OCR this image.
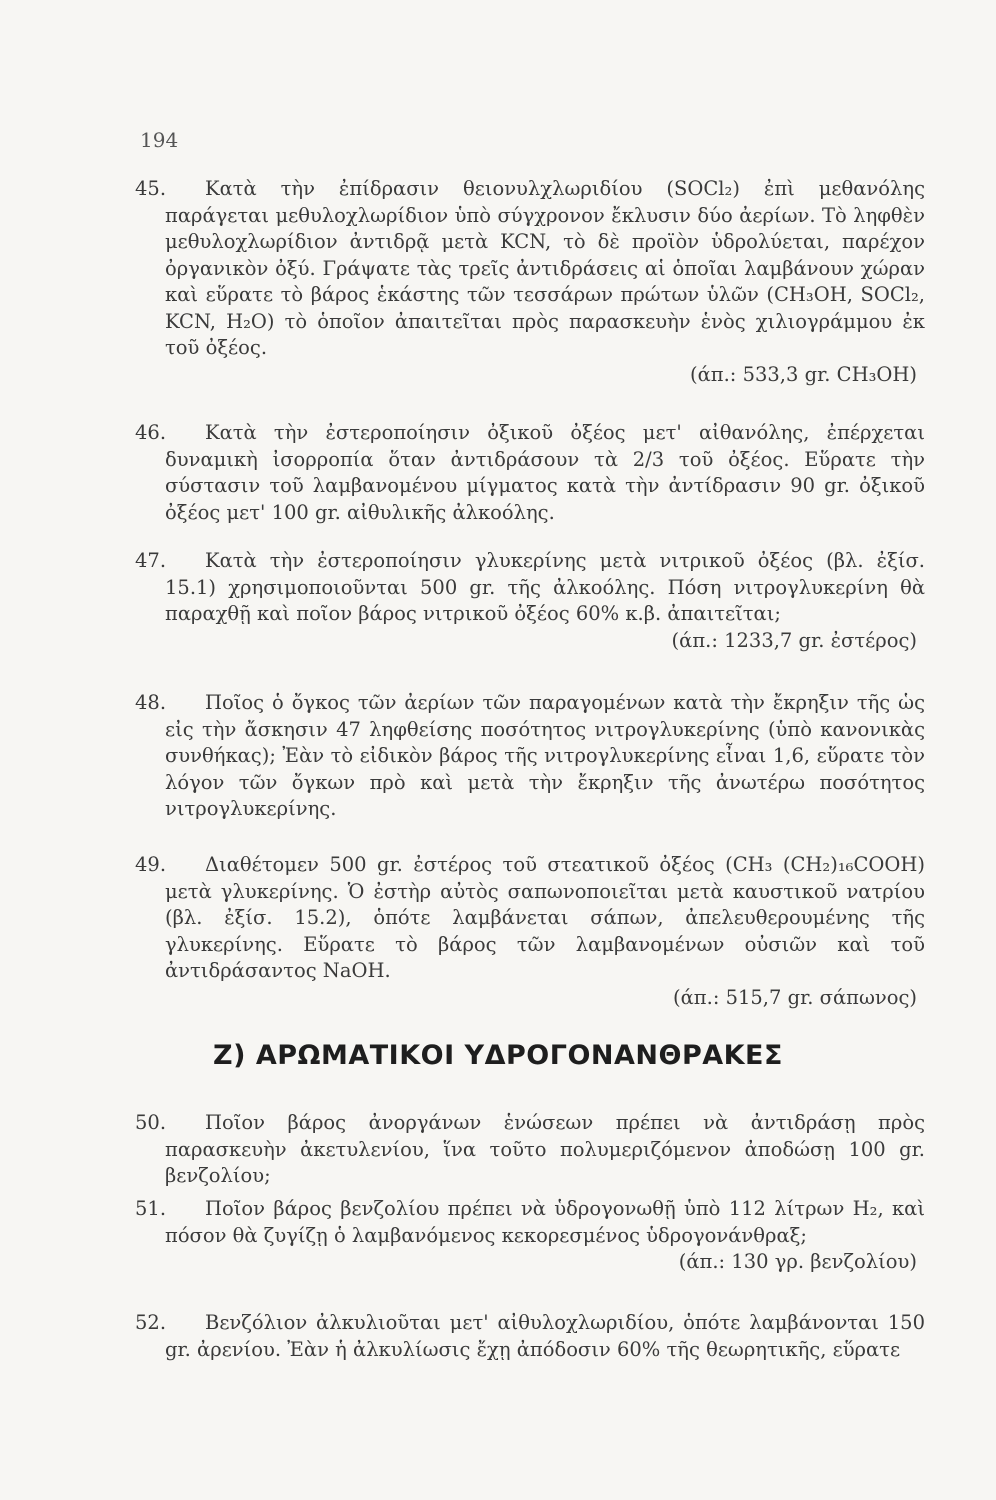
194
45.	Κατὰ τὴν ἐπίδρασιν θειονυλχλωριδίου (SOCl₂) ἐπὶ μεθανόλης παράγεται μεθυλοχλωρίδιον ὑπὸ σύγχρονον ἔκλυσιν δύο ἀερίων. Τὸ ληφθὲν μεθυλοχλωρίδιον ἀντιδρᾷ μετὰ KCN, τὸ δὲ προϊὸν ὑδρολύεται, παρέχον ὀργανικὸν ὀξύ. Γράψατε τὰς τρεῖς ἀντιδράσεις αἱ ὁποῖαι λαμβάνουν χώραν καὶ εὕρατε τὸ βάρος ἑκάστης τῶν τεσσάρων πρώτων ὑλῶν (CH₃OH, SOCl₂, KCN, H₂O) τὸ ὁποῖον ἀπαιτεῖται πρὸς παρασκευὴν ἑνὸς χιλιογράμμου ἐκ τοῦ ὀξέος.
(άπ.: 533,3 gr. CH₃OH)
46.	Κατὰ τὴν ἐστεροποίησιν ὀξικοῦ ὀξέος μετ' αἰθανόλης, ἐπέρχεται δυναμικὴ ἰσορροπία ὅταν ἀντιδράσουν τὰ 2/3 τοῦ ὀξέος. Εὕρατε τὴν σύστασιν τοῦ λαμβανομένου μίγματος κατὰ τὴν ἀντίδρασιν 90 gr. ὀξικοῦ ὀξέος μετ' 100 gr. αἰθυλικῆς ἀλκοόλης.
47.	Κατὰ τὴν ἐστεροποίησιν γλυκερίνης μετὰ νιτρικοῦ ὀξέος (βλ. ἐξίσ. 15.1) χρησιμοποιοῦνται 500 gr. τῆς ἀλκοόλης. Πόση νιτρογλυκερίνη θὰ παραχθῇ καὶ ποῖον βάρος νιτρικοῦ ὀξέος 60% κ.β. ἀπαιτεῖται;
(άπ.: 1233,7 gr. ἐστέρος)
48.	Ποῖος ὁ ὄγκος τῶν ἀερίων τῶν παραγομένων κατὰ τὴν ἔκρηξιν τῆς ὡς εἰς τὴν ἄσκησιν 47 ληφθείσης ποσότητος νιτρογλυκερίνης (ὑπὸ κανονικὰς συνθήκας); Ἐὰν τὸ εἰδικὸν βάρος τῆς νιτρογλυκερίνης εἶναι 1,6, εὕρατε τὸν λόγον τῶν ὄγκων πρὸ καὶ μετὰ τὴν ἔκρηξιν τῆς ἀνωτέρω ποσότητος νιτρογλυκερίνης.
49.	Διαθέτομεν 500 gr. ἐστέρος τοῦ στεατικοῦ ὀξέος (CH₃ (CH₂)₁₆COOH) μετὰ γλυκερίνης. Ὁ ἐστὴρ αὐτὸς σαπωνοποιεῖται μετὰ καυστικοῦ νατρίου (βλ. ἐξίσ. 15.2), ὁπότε λαμβάνεται σάπων, ἀπελευθερουμένης τῆς γλυκερίνης. Εὕρατε τὸ βάρος τῶν λαμβανομένων οὐσιῶν καὶ τοῦ ἀντιδράσαντος NaOH.
(άπ.: 515,7 gr. σάπωνος)
Ζ) ΑΡΩΜΑΤΙΚΟΙ ΥΔΡΟΓΟΝΑΝΘΡΑΚΕΣ
50.	Ποῖον βάρος ἀνοργάνων ἑνώσεων πρέπει νὰ ἀντιδράσῃ πρὸς παρασκευὴν ἀκετυλενίου, ἵνα τοῦτο πολυμεριζόμενον ἀποδώσῃ 100 gr. βενζολίου;
51.	Ποῖον βάρος βενζολίου πρέπει νὰ ὑδρογονωθῇ ὑπὸ 112 λίτρων H₂, καὶ πόσον θὰ ζυγίζῃ ὁ λαμβανόμενος κεκορεσμένος ὑδρογονάνθραξ;
(άπ.: 130 γρ. βενζολίου)
52.	Βενζόλιον ἀλκυλιοῦται μετ' αἰθυλοχλωριδίου, ὁπότε λαμβάνονται 150 gr. ἀρενίου. Ἐὰν ἡ ἀλκυλίωσις ἔχῃ ἀπόδοσιν 60% τῆς θεωρητικῆς, εὕρατε
